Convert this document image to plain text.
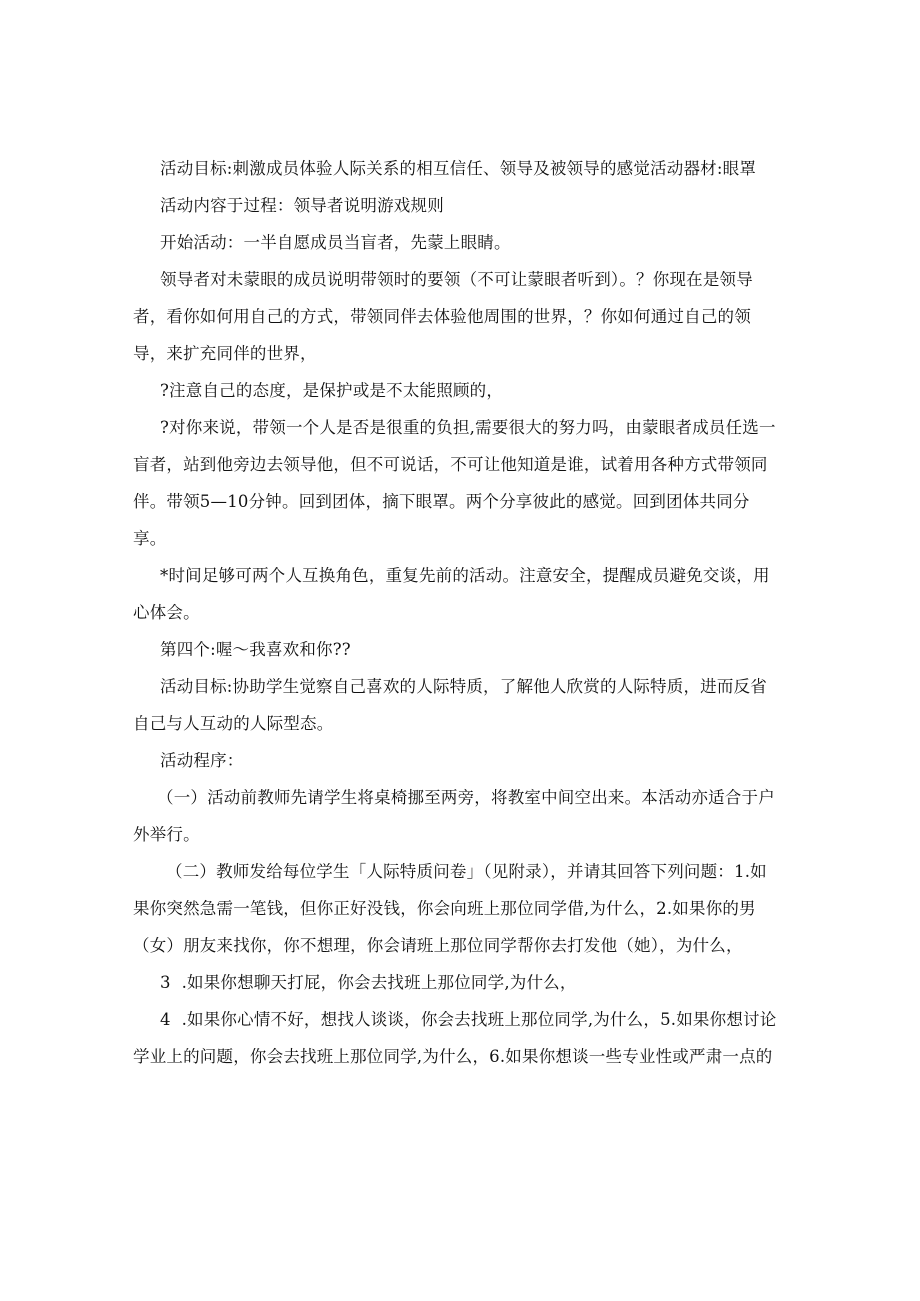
活动目标:刺激成员体验人际关系的相互信任、领导及被领导的感觉活动器材:眼罩
活动内容于过程：领导者说明游戏规则
开始活动：一半自愿成员当盲者，先蒙上眼睛。
领导者对未蒙眼的成员说明带领时的要领（不可让蒙眼者听到）。？你现在是领导
者，看你如何用自己的方式，带领同伴去体验他周围的世界，？你如何通过自己的领
导，来扩充同伴的世界，
?注意自己的态度，是保护或是不太能照顾的，
?对你来说，带领一个人是否是很重的负担,需要很大的努力吗，由蒙眼者成员任选一
盲者，站到他旁边去领导他，但不可说话，不可让他知道是谁，试着用各种方式带领同
伴。带领5—10分钟。回到团体，摘下眼罩。两个分享彼此的感觉。回到团体共同分
享。
*时间足够可两个人互换角色，重复先前的活动。注意安全，提醒成员避免交谈，用
心体会。
第四个:喔～我喜欢和你??
活动目标:协助学生觉察自己喜欢的人际特质，了解他人欣赏的人际特质，进而反省
自己与人互动的人际型态。
活动程序：
（一）活动前教师先请学生将桌椅挪至两旁，将教室中间空出来。本活动亦适合于户
外举行。
（二）教师发给每位学生「人际特质问卷」（见附录），并请其回答下列问题：1.如
果你突然急需一笔钱，但你正好没钱，你会向班上那位同学借,为什么，2.如果你的男
（女）朋友来找你，你不想理，你会请班上那位同学帮你去打发他（她），为什么，
3  .如果你想聊天打屁，你会去找班上那位同学,为什么，
4  .如果你心情不好，想找人谈谈，你会去找班上那位同学,为什么，5.如果你想讨论
学业上的问题，你会去找班上那位同学,为什么，6.如果你想谈一些专业性或严肃一点的
